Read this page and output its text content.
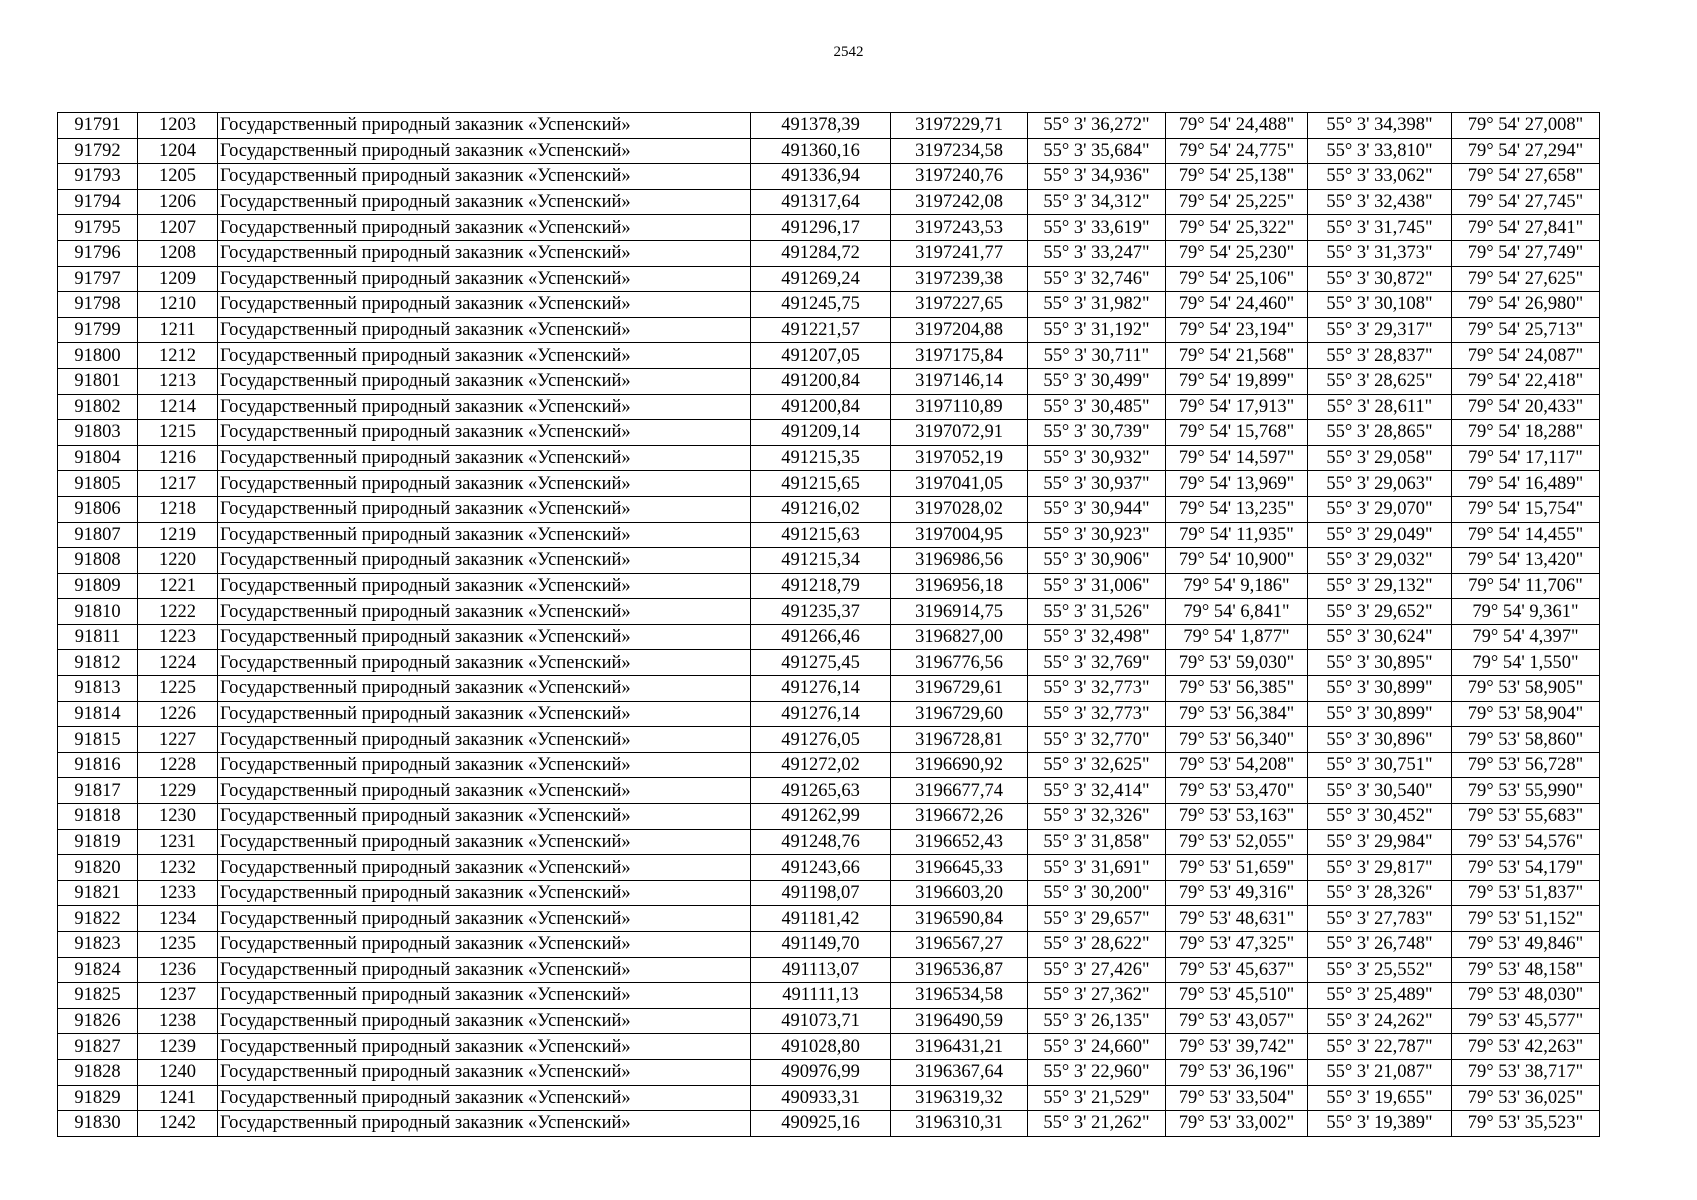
2542
91791	1203	Государственный природный заказник «Успенский»	491378,39	3197229,71	55° 3' 36,272"	79° 54' 24,488"	55° 3' 34,398"	79° 54' 27,008"
91792	1204	Государственный природный заказник «Успенский»	491360,16	3197234,58	55° 3' 35,684"	79° 54' 24,775"	55° 3' 33,810"	79° 54' 27,294"
91793	1205	Государственный природный заказник «Успенский»	491336,94	3197240,76	55° 3' 34,936"	79° 54' 25,138"	55° 3' 33,062"	79° 54' 27,658"
91794	1206	Государственный природный заказник «Успенский»	491317,64	3197242,08	55° 3' 34,312"	79° 54' 25,225"	55° 3' 32,438"	79° 54' 27,745"
91795	1207	Государственный природный заказник «Успенский»	491296,17	3197243,53	55° 3' 33,619"	79° 54' 25,322"	55° 3' 31,745"	79° 54' 27,841"
91796	1208	Государственный природный заказник «Успенский»	491284,72	3197241,77	55° 3' 33,247"	79° 54' 25,230"	55° 3' 31,373"	79° 54' 27,749"
91797	1209	Государственный природный заказник «Успенский»	491269,24	3197239,38	55° 3' 32,746"	79° 54' 25,106"	55° 3' 30,872"	79° 54' 27,625"
91798	1210	Государственный природный заказник «Успенский»	491245,75	3197227,65	55° 3' 31,982"	79° 54' 24,460"	55° 3' 30,108"	79° 54' 26,980"
91799	1211	Государственный природный заказник «Успенский»	491221,57	3197204,88	55° 3' 31,192"	79° 54' 23,194"	55° 3' 29,317"	79° 54' 25,713"
91800	1212	Государственный природный заказник «Успенский»	491207,05	3197175,84	55° 3' 30,711"	79° 54' 21,568"	55° 3' 28,837"	79° 54' 24,087"
91801	1213	Государственный природный заказник «Успенский»	491200,84	3197146,14	55° 3' 30,499"	79° 54' 19,899"	55° 3' 28,625"	79° 54' 22,418"
91802	1214	Государственный природный заказник «Успенский»	491200,84	3197110,89	55° 3' 30,485"	79° 54' 17,913"	55° 3' 28,611"	79° 54' 20,433"
91803	1215	Государственный природный заказник «Успенский»	491209,14	3197072,91	55° 3' 30,739"	79° 54' 15,768"	55° 3' 28,865"	79° 54' 18,288"
91804	1216	Государственный природный заказник «Успенский»	491215,35	3197052,19	55° 3' 30,932"	79° 54' 14,597"	55° 3' 29,058"	79° 54' 17,117"
91805	1217	Государственный природный заказник «Успенский»	491215,65	3197041,05	55° 3' 30,937"	79° 54' 13,969"	55° 3' 29,063"	79° 54' 16,489"
91806	1218	Государственный природный заказник «Успенский»	491216,02	3197028,02	55° 3' 30,944"	79° 54' 13,235"	55° 3' 29,070"	79° 54' 15,754"
91807	1219	Государственный природный заказник «Успенский»	491215,63	3197004,95	55° 3' 30,923"	79° 54' 11,935"	55° 3' 29,049"	79° 54' 14,455"
91808	1220	Государственный природный заказник «Успенский»	491215,34	3196986,56	55° 3' 30,906"	79° 54' 10,900"	55° 3' 29,032"	79° 54' 13,420"
91809	1221	Государственный природный заказник «Успенский»	491218,79	3196956,18	55° 3' 31,006"	79° 54' 9,186"	55° 3' 29,132"	79° 54' 11,706"
91810	1222	Государственный природный заказник «Успенский»	491235,37	3196914,75	55° 3' 31,526"	79° 54' 6,841"	55° 3' 29,652"	79° 54' 9,361"
91811	1223	Государственный природный заказник «Успенский»	491266,46	3196827,00	55° 3' 32,498"	79° 54' 1,877"	55° 3' 30,624"	79° 54' 4,397"
91812	1224	Государственный природный заказник «Успенский»	491275,45	3196776,56	55° 3' 32,769"	79° 53' 59,030"	55° 3' 30,895"	79° 54' 1,550"
91813	1225	Государственный природный заказник «Успенский»	491276,14	3196729,61	55° 3' 32,773"	79° 53' 56,385"	55° 3' 30,899"	79° 53' 58,905"
91814	1226	Государственный природный заказник «Успенский»	491276,14	3196729,60	55° 3' 32,773"	79° 53' 56,384"	55° 3' 30,899"	79° 53' 58,904"
91815	1227	Государственный природный заказник «Успенский»	491276,05	3196728,81	55° 3' 32,770"	79° 53' 56,340"	55° 3' 30,896"	79° 53' 58,860"
91816	1228	Государственный природный заказник «Успенский»	491272,02	3196690,92	55° 3' 32,625"	79° 53' 54,208"	55° 3' 30,751"	79° 53' 56,728"
91817	1229	Государственный природный заказник «Успенский»	491265,63	3196677,74	55° 3' 32,414"	79° 53' 53,470"	55° 3' 30,540"	79° 53' 55,990"
91818	1230	Государственный природный заказник «Успенский»	491262,99	3196672,26	55° 3' 32,326"	79° 53' 53,163"	55° 3' 30,452"	79° 53' 55,683"
91819	1231	Государственный природный заказник «Успенский»	491248,76	3196652,43	55° 3' 31,858"	79° 53' 52,055"	55° 3' 29,984"	79° 53' 54,576"
91820	1232	Государственный природный заказник «Успенский»	491243,66	3196645,33	55° 3' 31,691"	79° 53' 51,659"	55° 3' 29,817"	79° 53' 54,179"
91821	1233	Государственный природный заказник «Успенский»	491198,07	3196603,20	55° 3' 30,200"	79° 53' 49,316"	55° 3' 28,326"	79° 53' 51,837"
91822	1234	Государственный природный заказник «Успенский»	491181,42	3196590,84	55° 3' 29,657"	79° 53' 48,631"	55° 3' 27,783"	79° 53' 51,152"
91823	1235	Государственный природный заказник «Успенский»	491149,70	3196567,27	55° 3' 28,622"	79° 53' 47,325"	55° 3' 26,748"	79° 53' 49,846"
91824	1236	Государственный природный заказник «Успенский»	491113,07	3196536,87	55° 3' 27,426"	79° 53' 45,637"	55° 3' 25,552"	79° 53' 48,158"
91825	1237	Государственный природный заказник «Успенский»	491111,13	3196534,58	55° 3' 27,362"	79° 53' 45,510"	55° 3' 25,489"	79° 53' 48,030"
91826	1238	Государственный природный заказник «Успенский»	491073,71	3196490,59	55° 3' 26,135"	79° 53' 43,057"	55° 3' 24,262"	79° 53' 45,577"
91827	1239	Государственный природный заказник «Успенский»	491028,80	3196431,21	55° 3' 24,660"	79° 53' 39,742"	55° 3' 22,787"	79° 53' 42,263"
91828	1240	Государственный природный заказник «Успенский»	490976,99	3196367,64	55° 3' 22,960"	79° 53' 36,196"	55° 3' 21,087"	79° 53' 38,717"
91829	1241	Государственный природный заказник «Успенский»	490933,31	3196319,32	55° 3' 21,529"	79° 53' 33,504"	55° 3' 19,655"	79° 53' 36,025"
91830	1242	Государственный природный заказник «Успенский»	490925,16	3196310,31	55° 3' 21,262"	79° 53' 33,002"	55° 3' 19,389"	79° 53' 35,523"
